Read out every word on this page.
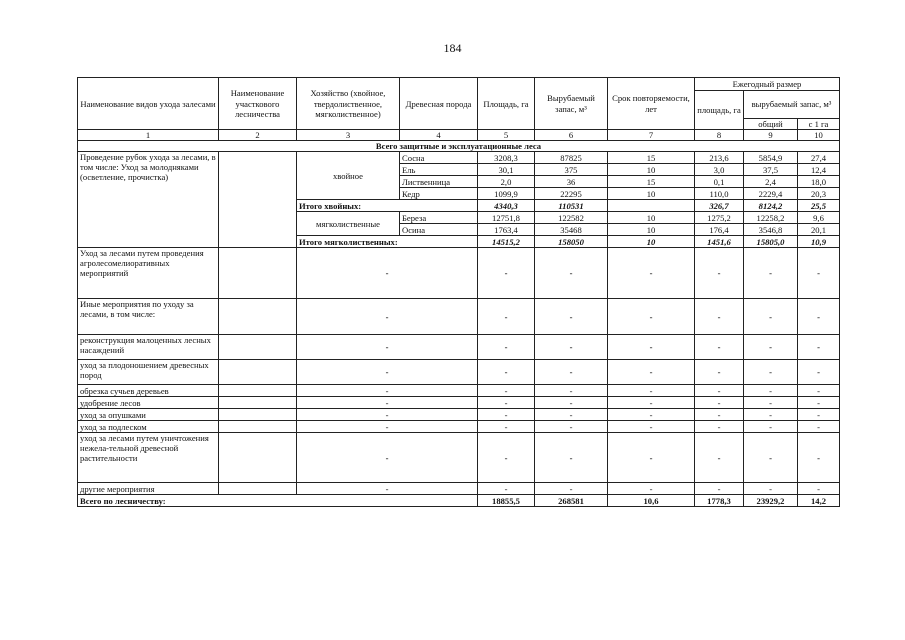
184
Наименование видов ухода залесами	Наименование участкового лесничества	Хозяйство (хвойное, твердолиственное, мягколиственное)	Древесная порода	Площадь, га	Вырубаемый запас, м³	Срок повторяемости, лет	Ежегодный размер		
							площадь, га	вырубаемый запас, м³	
								общий	с 1 га
1	2	3	4	5	6	7	8	9	10
Всего защитные и эксплуатационные леса									
Проведение рубок ухода за лесами, в том числе: Уход за молодняками (осветление, прочистка)		хвойное	Сосна	3208,3	87825	15	213,6	5854,9	27,4
			Ель	30,1	375	10	3,0	37,5	12,4
			Лиственница	2,0	36	15	0,1	2,4	18,0
			Кедр	1099,9	22295	10	110,0	2229,4	20,3
		Итого хвойных:		4340,3	110531		326,7	8124,2	25,5
		мягколиственные	Береза	12751,8	122582	10	1275,2	12258,2	9,6
			Осина	1763,4	35468	10	176,4	3546,8	20,1
		Итого мягколиственных:		14515,2	158050	10	1451,6	15805,0	10,9
Уход за лесами путем проведения агролесомелиоративных мероприятий		-		-	-	-	-	-	-
Иные мероприятия по уходу за лесами, в том числе:		-		-	-	-	-	-	-
реконструкция малоценных лесных насаждений		-		-	-	-	-	-	-
уход за плодоношением древесных пород		-		-	-	-	-	-	-
обрезка сучьев деревьев		-		-	-	-	-	-	-
удобрение лесов		-		-	-	-	-	-	-
уход за опушками		-		-	-	-	-	-	-
уход за подлеском		-		-	-	-	-	-	-
уход за лесами путем уничтожения нежела-тельной древесной растительности		-		-	-	-	-	-	-
другие мероприятия		-		-	-	-	-	-	-
Всего по лесничеству:				18855,5	268581	10,6	1778,3	23929,2	14,2
